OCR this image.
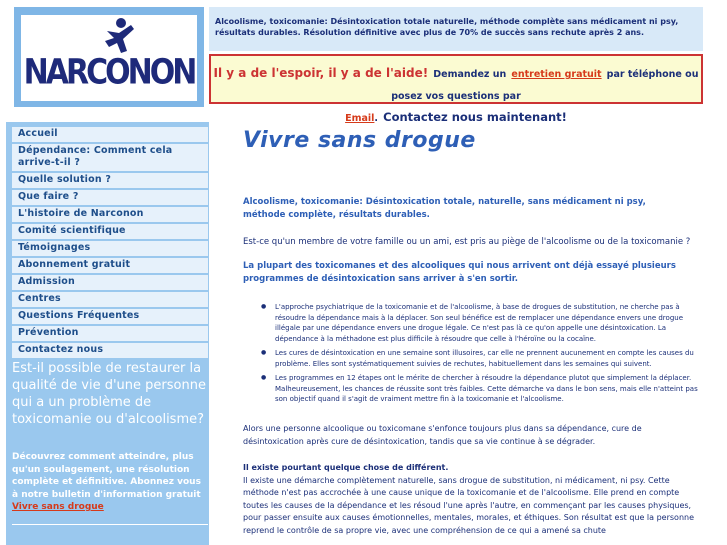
NARCONON
Alcoolisme, toxicomanie: Désintoxication totale naturelle, méthode complète sans médicament ni psy, résultats durables. Résolution définitive avec plus de 70% de succès sans rechute après 2 ans.
Il y a de l'espoir, il y a de l'aide! Demandez un entretien gratuit par téléphone ou posez vos questions par
Email. Contactez nous maintenant!
Accueil
Dépendance: Comment cela arrive-t-il ?
Quelle solution ?
Que faire ?
L'histoire de Narconon
Comité scientifique
Témoignages
Abonnement gratuit
Admission
Centres
Questions Fréquentes
Prévention
Contactez nous
Est-il possible de restaurer la qualité de vie d'une personne qui a un problème de toxicomanie ou d'alcoolisme?
Découvrez comment atteindre, plus qu'un soulagement, une résolution complète et définitive. Abonnez vous à notre bulletin d'information gratuit Vivre sans drogue
Vivre sans drogue

Alcoolisme, toxicomanie: Désintoxication totale, naturelle, sans médicament ni psy, méthode complète, résultats durables.

Est-ce qu'un membre de votre famille ou un ami, est pris au piège de l'alcoolisme ou de la toxicomanie ?

La plupart des toxicomanes et des alcooliques qui nous arrivent ont déjà essayé plusieurs programmes de désintoxication sans arriver à s'en sortir.

● L'approche psychiatrique de la toxicomanie et de l'alcoolisme, à base de drogues de substitution, ne cherche pas à résoudre la dépendance mais à la déplacer. Son seul bénéfice est de remplacer une dépendance envers une drogue illégale par une dépendance envers une drogue légale. Ce n'est pas là ce qu'on appelle une désintoxication. La dépendance à la méthadone est plus difficile à résoudre que celle à l'héroïne ou la cocaïne.
● Les cures de désintoxication en une semaine sont illusoires, car elle ne prennent aucunement en compte les causes du problème. Elles sont systématiquement suivies de rechutes, habituellement dans les semaines qui suivent.
● Les programmes en 12 étapes ont le mérite de chercher à résoudre la dépendance plutot que simplement la déplacer. Malheureusement, les chances de réussite sont très faibles. Cette démarche va dans le bon sens, mais elle n'atteint pas son objectif quand il s'agit de vraiment mettre fin à la toxicomanie et l'alcoolisme.

Alors une personne alcoolique ou toxicomane s'enfonce toujours plus dans sa dépendance, cure de désintoxication après cure de désintoxication, tandis que sa vie continue à se dégrader.

Il existe pourtant quelque chose de différent.
Il existe une démarche complètement naturelle, sans drogue de substitution, ni médicament, ni psy. Cette méthode n'est pas accrochée à une cause unique de la toxicomanie et de l'alcoolisme. Elle prend en compte toutes les causes de la dépendance et les résoud l'une après l'autre, en commençant par les causes physiques, pour passer ensuite aux causes émotionnelles, mentales, morales, et éthiques. Son résultat est que la personne reprend le contrôle de sa propre vie, avec une compréhension de ce qui a amené sa chute
